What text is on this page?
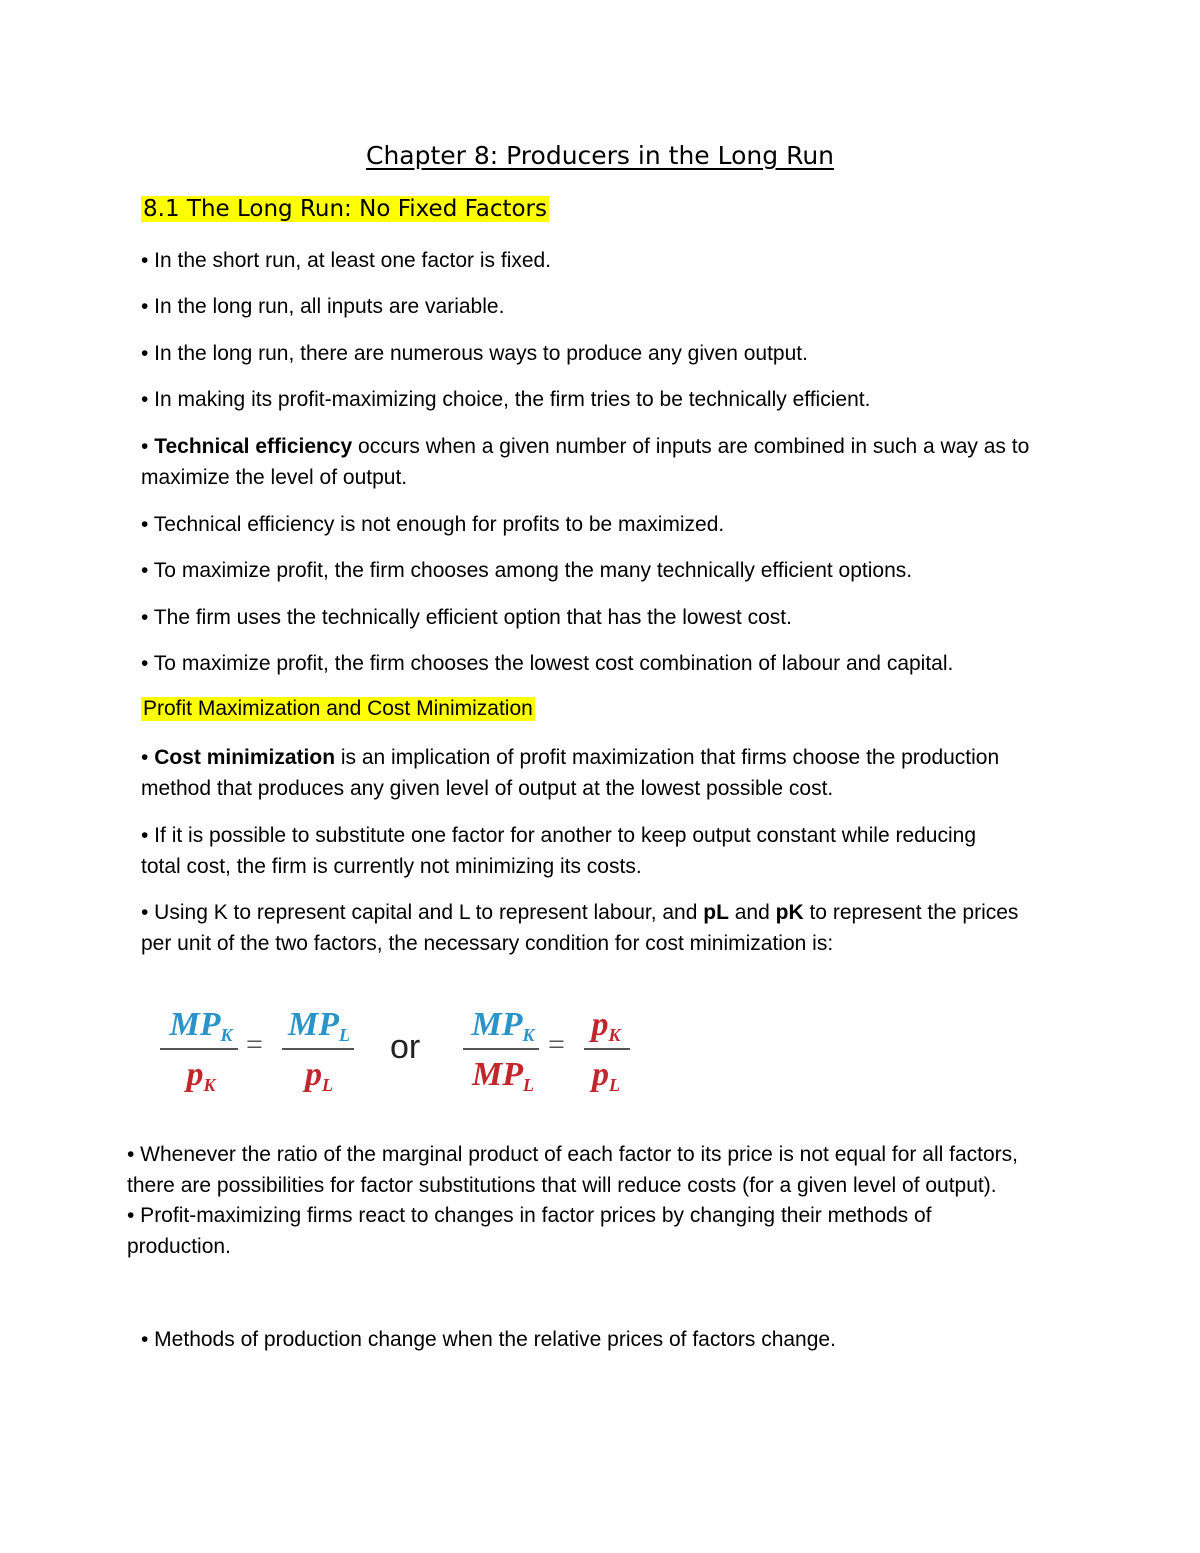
Chapter 8: Producers in the Long Run
8.1 The Long Run: No Fixed Factors
• In the short run, at least one factor is fixed.
• In the long run, all inputs are variable.
• In the long run, there are numerous ways to produce any given output.
• In making its profit-maximizing choice, the firm tries to be technically efficient.
• Technical efficiency occurs when a given number of inputs are combined in such a way as to
maximize the level of output.
• Technical efficiency is not enough for profits to be maximized.
• To maximize profit, the firm chooses among the many technically efficient options.
• The firm uses the technically efficient option that has the lowest cost.
• To maximize profit, the firm chooses the lowest cost combination of labour and capital.
Profit Maximization and Cost Minimization
• Cost minimization is an implication of profit maximization that firms choose the production
method that produces any given level of output at the lowest possible cost.
• If it is possible to substitute one factor for another to keep output constant while reducing
total cost, the firm is currently not minimizing its costs.
• Using K to represent capital and L to represent labour, and pL and pK to represent the prices
per unit of the two factors, the necessary condition for cost minimization is:
$MP_K$
$p_K$
=
$MP_L$
$p_L$
or
$MP_K$
$MP_L$
=
$p_K$
$p_L$
• Whenever the ratio of the marginal product of each factor to its price is not equal for all factors,
there are possibilities for factor substitutions that will reduce costs (for a given level of output).
• Profit-maximizing firms react to changes in factor prices by changing their methods of
production.
• Methods of production change when the relative prices of factors change.
